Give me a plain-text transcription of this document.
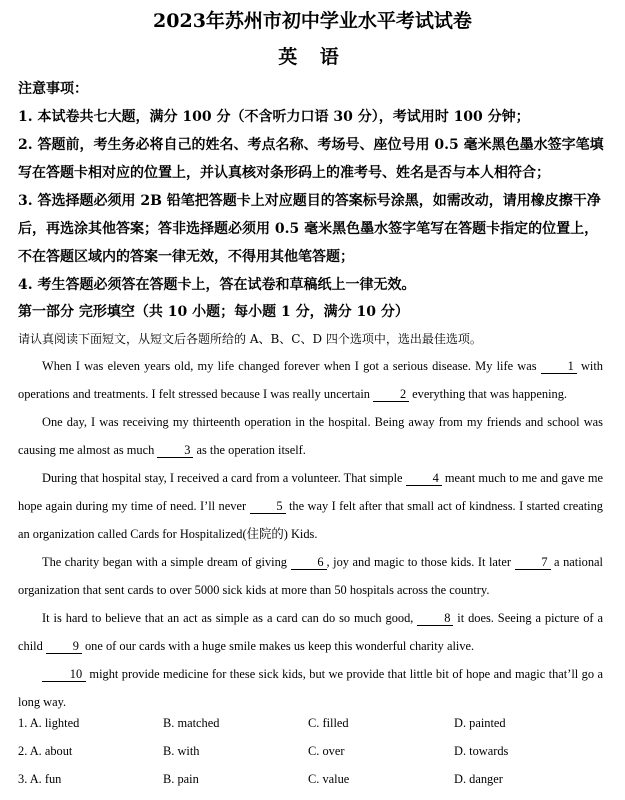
2023年苏州市初中学业水平考试试卷
英 语
注意事项：
1. 本试卷共七大题，满分 100 分（不含听力口语 30 分），考试用时 100 分钟；
2. 答题前，考生务必将自己的姓名、考点名称、考场号、座位号用 0.5 毫米黑色墨水签字笔填
写在答题卡相对应的位置上，并认真核对条形码上的准考号、姓名是否与本人相符合；
3. 答选择题必须用 2B 铅笔把答题卡上对应题目的答案标号涂黑，如需改动，请用橡皮擦干净
后，再选涂其他答案；答非选择题必须用 0.5 毫米黑色墨水签字笔写在答题卡指定的位置上，
不在答题区域内的答案一律无效，不得用其他笔答题；
4. 考生答题必须答在答题卡上，答在试卷和草稿纸上一律无效。
第一部分 完形填空（共 10 小题；每小题 1 分，满分 10 分）
请认真阅读下面短文，从短文后各题所给的 A、B、C、D 四个选项中，选出最佳选项。

When I was eleven years old, my life changed forever when I got a serious disease. My life was 1 with operations and treatments. I felt stressed because I was really uncertain 2 everything that was happening.

One day, I was receiving my thirteenth operation in the hospital. Being away from my friends and school was causing me almost as much 3 as the operation itself.

During that hospital stay, I received a card from a volunteer. That simple 4 meant much to me and gave me hope again during my time of need. I’ll never 5 the way I felt after that small act of kindness. I started creating an organization called Cards for Hospitalized(住院的) Kids.

The charity began with a simple dream of giving 6 , joy and magic to those kids. It later 7 a national organization that sent cards to over 5000 sick kids at more than 50 hospitals across the country.

It is hard to believe that an act as simple as a card can do so much good, 8 it does. Seeing a picture of a child 9 one of our cards with a huge smile makes us keep this wonderful charity alive.

10 might provide medicine for these sick kids, but we provide that little bit of hope and magic that’ll go a long way.

1. A. lighted	B. matched	C. filled	D. painted
2. A. about	B. with	C. over	D. towards
3. A. fun	B. pain	C. value	D. danger
